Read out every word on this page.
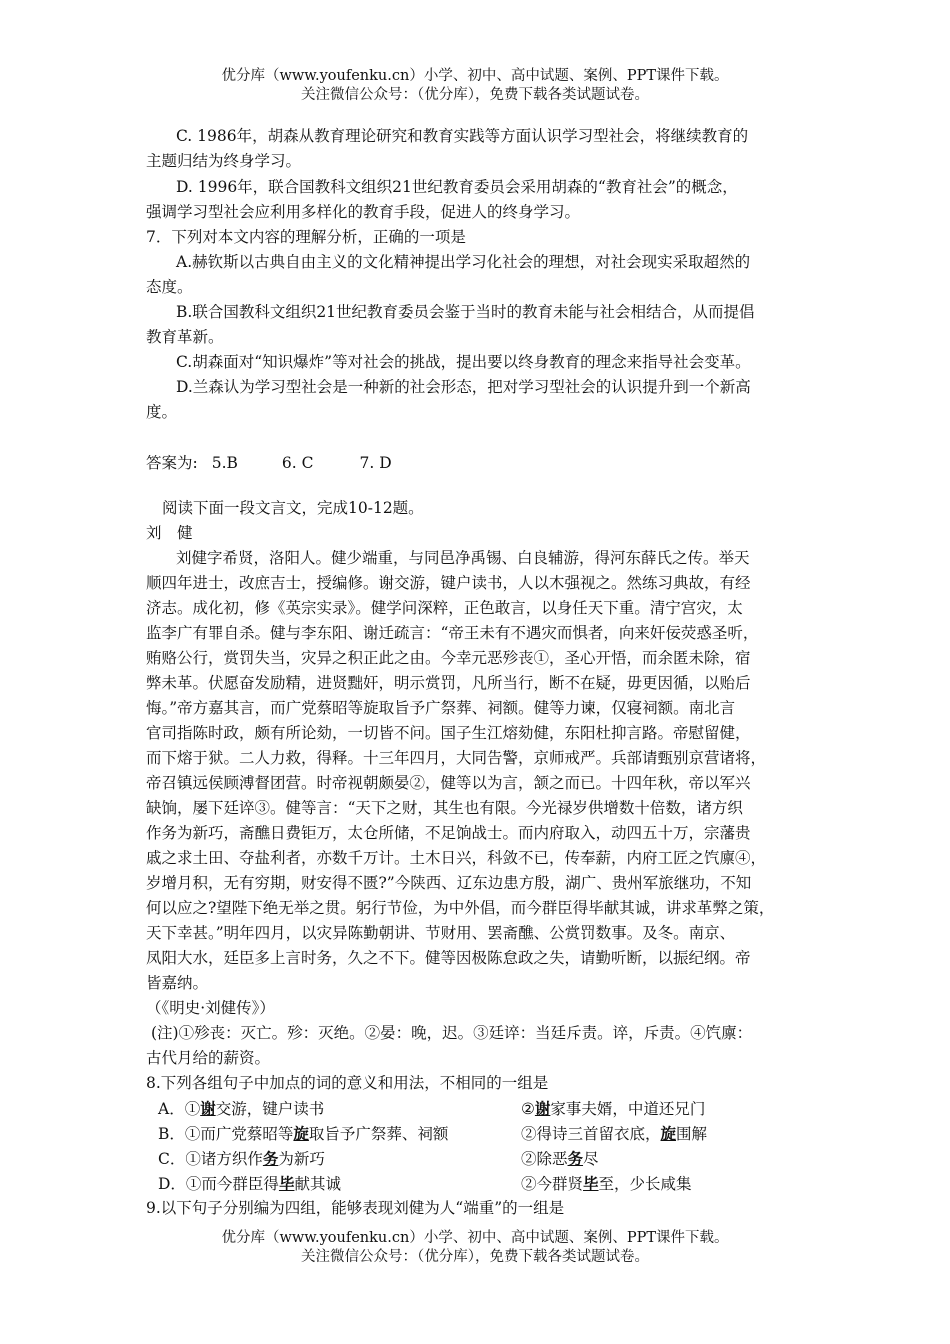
优分库（www.youfenku.cn）小学、初中、高中试题、案例、PPT课件下载。
关注微信公众号：（优分库），免费下载各类试题试卷。
C. 1986年，胡森从教育理论研究和教育实践等方面认识学习型社会，将继续教育的
主题归结为终身学习。
D. 1996年，联合国教科文组织21世纪教育委员会采用胡森的“教育社会”的概念，
强调学习型社会应利用多样化的教育手段，促进人的终身学习。
7．下列对本文内容的理解分析，正确的一项是
A.赫钦斯以古典自由主义的文化精神提出学习化社会的理想，对社会现实采取超然的
态度。
B.联合国教科文组织21世纪教育委员会鉴于当时的教育未能与社会相结合，从而提倡
教育革新。
C.胡森面对“知识爆炸”等对社会的挑战，提出要以终身教育的理念来指导社会变革。
D.兰森认为学习型社会是一种新的社会形态，把对学习型社会的认识提升到一个新高
度。
答案为: 5.B	6. C	7. D
阅读下面一段文言文，完成10-12题。
刘　健
刘健字希贤，洛阳人。健少端重，与同邑净禹锡、白良辅游，得河东薛氏之传。举天
顺四年进士，改庶吉士，授编修。谢交游，键户读书，人以木强视之。然练习典故，有经
济志。成化初，修《英宗实录》。健学问深粹，正色敢言，以身任天下重。清宁宫灾，太
监李广有罪自杀。健与李东阳、谢迁疏言：“帝王未有不遇灾而惧者，向来奸佞荧惑圣听，
贿赂公行，赏罚失当，灾异之积正此之由。今幸元恶殄丧①，圣心开悟，而余匿未除，宿
弊未革。伏愿奋发励精，进贤黜奸，明示赏罚，凡所当行，断不在疑，毋更因循，以贻后
悔。”帝方嘉其言，而广党蔡昭等旋取旨予广祭葬、祠额。健等力谏，仅寝祠额。南北言
官司指陈时政，颇有所论劾，一切皆不问。国子生江熔劾健，东阳杜抑言路。帝慰留健，
而下熔于狱。二人力救，得释。十三年四月，大同告警，京师戒严。兵部请甄别京营诸将，
帝召镇远侯顾溥督团营。时帝视朝颇晏②，健等以为言，颔之而已。十四年秋，帝以军兴
缺饷，屡下廷谇③。健等言：“天下之财，其生也有限。今光禄岁供增数十倍数，诸方织
作务为新巧，斋醮日费钜万，太仓所储，不足饷战士。而内府取入，动四五十万，宗藩贵
戚之求土田、夺盐利者，亦数千万计。土木日兴，科敛不已，传奉薪，内府工匠之饩廪④，
岁增月积，无有穷期，财安得不匮?”今陕西、辽东边患方殷，湖广、贵州军旅继功，不知
何以应之?望陛下绝无举之贯。躬行节俭，为中外倡，而今群臣得毕献其诚，讲求革弊之策，
天下幸甚。”明年四月，以灾异陈勤朝讲、节财用、罢斋醮、公赏罚数事。及冬。南京、
凤阳大水，廷臣多上言时务，久之不下。健等因极陈怠政之失，请勤听断，以振纪纲。帝
皆嘉纳。
（《明史·刘健传》）
(注)①殄丧：灭亡。殄：灭绝。②晏：晚，迟。③廷谇：当廷斥责。谇，斥责。④饩廪：
古代月给的薪资。
8.下列各组句子中加点的词的意义和用法，不相同的一组是
A．①谢交游，键户读书	②谢家事夫婿，中道还兄门
B．①而广党蔡昭等旋取旨予广祭葬、祠额	②得诗三首留衣底，旋围解
C．①诸方织作务为新巧	②除恶务尽
D．①而今群臣得毕献其诚	②今群贤毕至，少长咸集
9.以下句子分别编为四组，能够表现刘健为人“端重”的一组是
优分库（www.youfenku.cn）小学、初中、高中试题、案例、PPT课件下载。
关注微信公众号：（优分库），免费下载各类试题试卷。
